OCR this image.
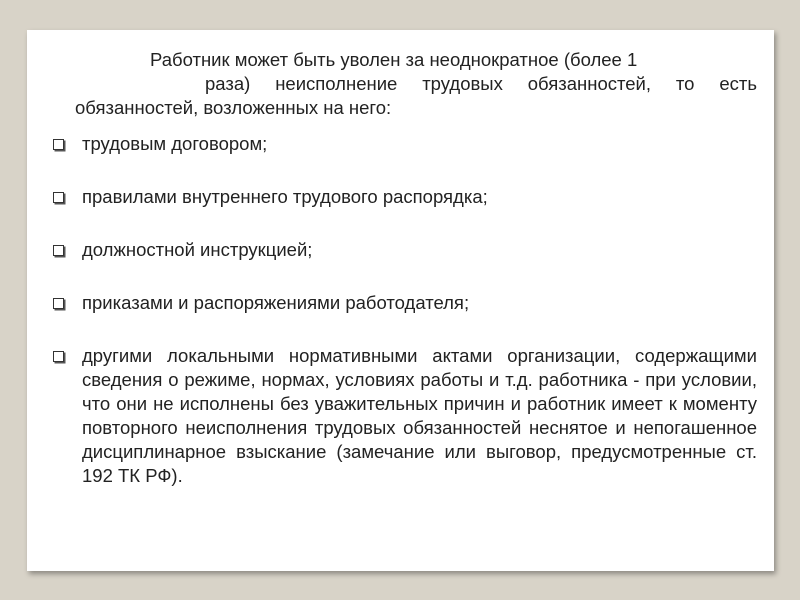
Работник может быть уволен за неоднократное (более 1
раза) неисполнение трудовых обязанностей, то есть
обязанностей, возложенных на него:

трудовым договором;
правилами внутреннего трудового распорядка;
должностной инструкцией;
приказами и распоряжениями работодателя;
другими локальными нормативными актами организации, содержащими сведения о режиме, нормах, условиях работы и т.д. работника - при условии, что они не исполнены без уважительных причин и работник имеет к моменту повторного неисполнения трудовых обязанностей неснятое и непогашенное дисциплинарное взыскание (замечание или выговор, предусмотренные ст. 192 ТК РФ).
